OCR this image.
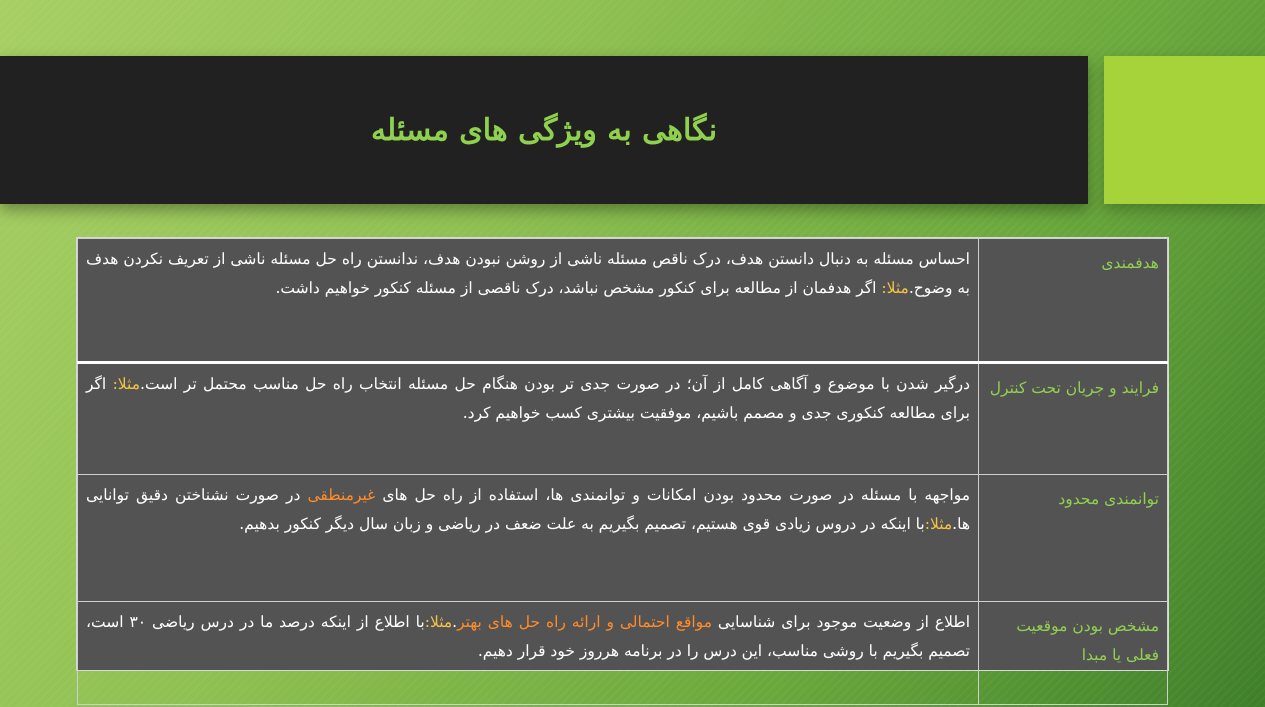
نگاهی به ویژگی های مسئله
هدفمندی	احساس مسئله به دنبال دانستن هدف، درک ناقص مسئله ناشی از روشن نبودن هدف، ندانستن راه حل مسئله ناشی از تعریف نکردن هدف به وضوح.مثلا: اگر هدفمان از مطالعه برای کنکور مشخص نباشد، درک ناقصی از مسئله کنکور خواهیم داشت.
فرایند و جریان تحت کنترل	درگیر شدن با موضوع و آگاهی کامل از آن؛ در صورت جدی تر بودن هنگام حل مسئله انتخاب راه حل مناسب محتمل تر است.مثلا: اگر برای مطالعه کنکوری جدی و مصمم باشیم، موفقیت بیشتری کسب خواهیم کرد.
توانمندی محدود	مواجهه با مسئله در صورت محدود بودن امکانات و توانمندی ها، استفاده از راه حل های غیرمنطقی در صورت نشناختن دقیق توانایی ها.مثلا:با اینکه در دروس زیادی قوی هستیم، تصمیم بگیریم به علت ضعف در ریاضی و زبان سال دیگر کنکور بدهیم.
مشخص بودن موقعیت فعلی یا مبدا	اطلاع از وضعیت موجود برای شناسایی مواقع احتمالی و ارائه راه حل های بهتر.مثلا:با اطلاع از اینکه درصد ما در درس ریاضی ۳۰ است، تصمیم بگیریم با روشی مناسب، این درس را در برنامه هرروز خود قرار دهیم.
